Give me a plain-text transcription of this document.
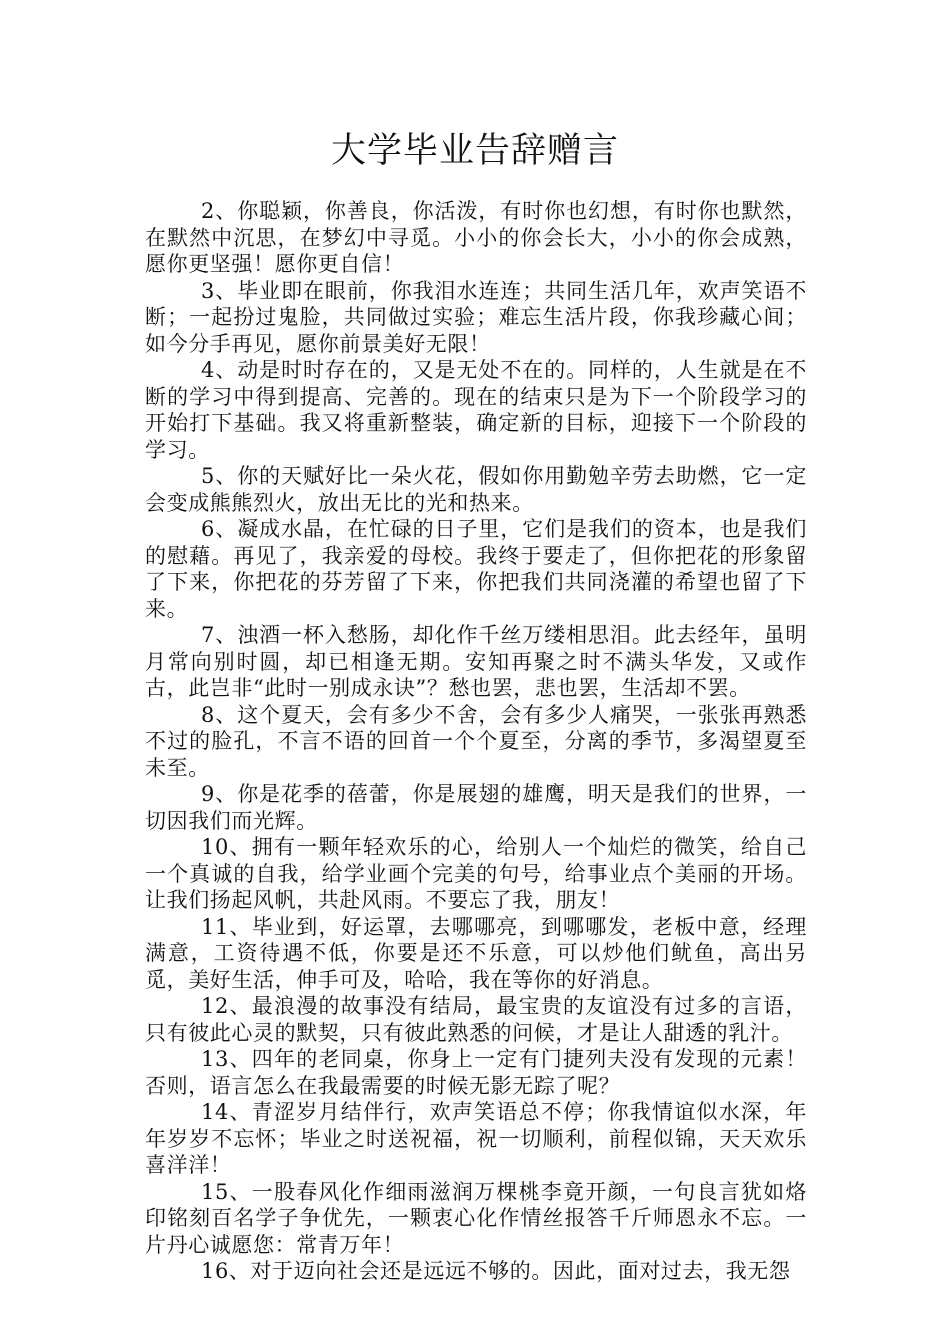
大学毕业告辞赠言

2、你聪颖，你善良，你活泼，有时你也幻想，有时你也默然，在默然中沉思，在梦幻中寻觅。小小的你会长大，小小的你会成熟，愿你更坚强！愿你更自信！

3、毕业即在眼前，你我泪水连连；共同生活几年，欢声笑语不断；一起扮过鬼脸，共同做过实验；难忘生活片段，你我珍藏心间；如今分手再见，愿你前景美好无限！

4、动是时时存在的，又是无处不在的。同样的，人生就是在不断的学习中得到提高、完善的。现在的结束只是为下一个阶段学习的开始打下基础。我又将重新整装，确定新的目标，迎接下一个阶段的学习。

5、你的天赋好比一朵火花，假如你用勤勉辛劳去助燃，它一定会变成熊熊烈火，放出无比的光和热来。

6、凝成水晶，在忙碌的日子里，它们是我们的资本，也是我们的慰藉。再见了，我亲爱的母校。我终于要走了，但你把花的形象留了下来，你把花的芬芳留了下来，你把我们共同浇灌的希望也留了下来。

7、浊酒一杯入愁肠，却化作千丝万缕相思泪。此去经年，虽明月常向别时圆，却已相逢无期。安知再聚之时不满头华发，又或作古，此岂非“此时一别成永诀”？愁也罢，悲也罢，生活却不罢。

8、这个夏天，会有多少不舍，会有多少人痛哭，一张张再熟悉不过的脸孔，不言不语的回首一个个夏至，分离的季节，多渴望夏至未至。

9、你是花季的蓓蕾，你是展翅的雄鹰，明天是我们的世界，一切因我们而光辉。

10、拥有一颗年轻欢乐的心，给别人一个灿烂的微笑，给自己一个真诚的自我，给学业画个完美的句号，给事业点个美丽的开场。让我们扬起风帆，共赴风雨。不要忘了我，朋友！

11、毕业到，好运罩，去哪哪亮，到哪哪发，老板中意，经理满意，工资待遇不低，你要是还不乐意，可以炒他们鱿鱼，高出另觅，美好生活，伸手可及，哈哈，我在等你的好消息。

12、最浪漫的故事没有结局，最宝贵的友谊没有过多的言语，只有彼此心灵的默契，只有彼此熟悉的问候，才是让人甜透的乳汁。

13、四年的老同桌，你身上一定有门捷列夫没有发现的元素！否则，语言怎么在我最需要的时候无影无踪了呢？

14、青涩岁月结伴行，欢声笑语总不停；你我情谊似水深，年年岁岁不忘怀；毕业之时送祝福，祝一切顺利，前程似锦，天天欢乐喜洋洋！

15、一股春风化作细雨滋润万棵桃李竟开颜，一句良言犹如烙印铭刻百名学子争优先，一颗衷心化作情丝报答千斤师恩永不忘。一片丹心诚愿您：常青万年！

16、对于迈向社会还是远远不够的。因此，面对过去，我无怨
